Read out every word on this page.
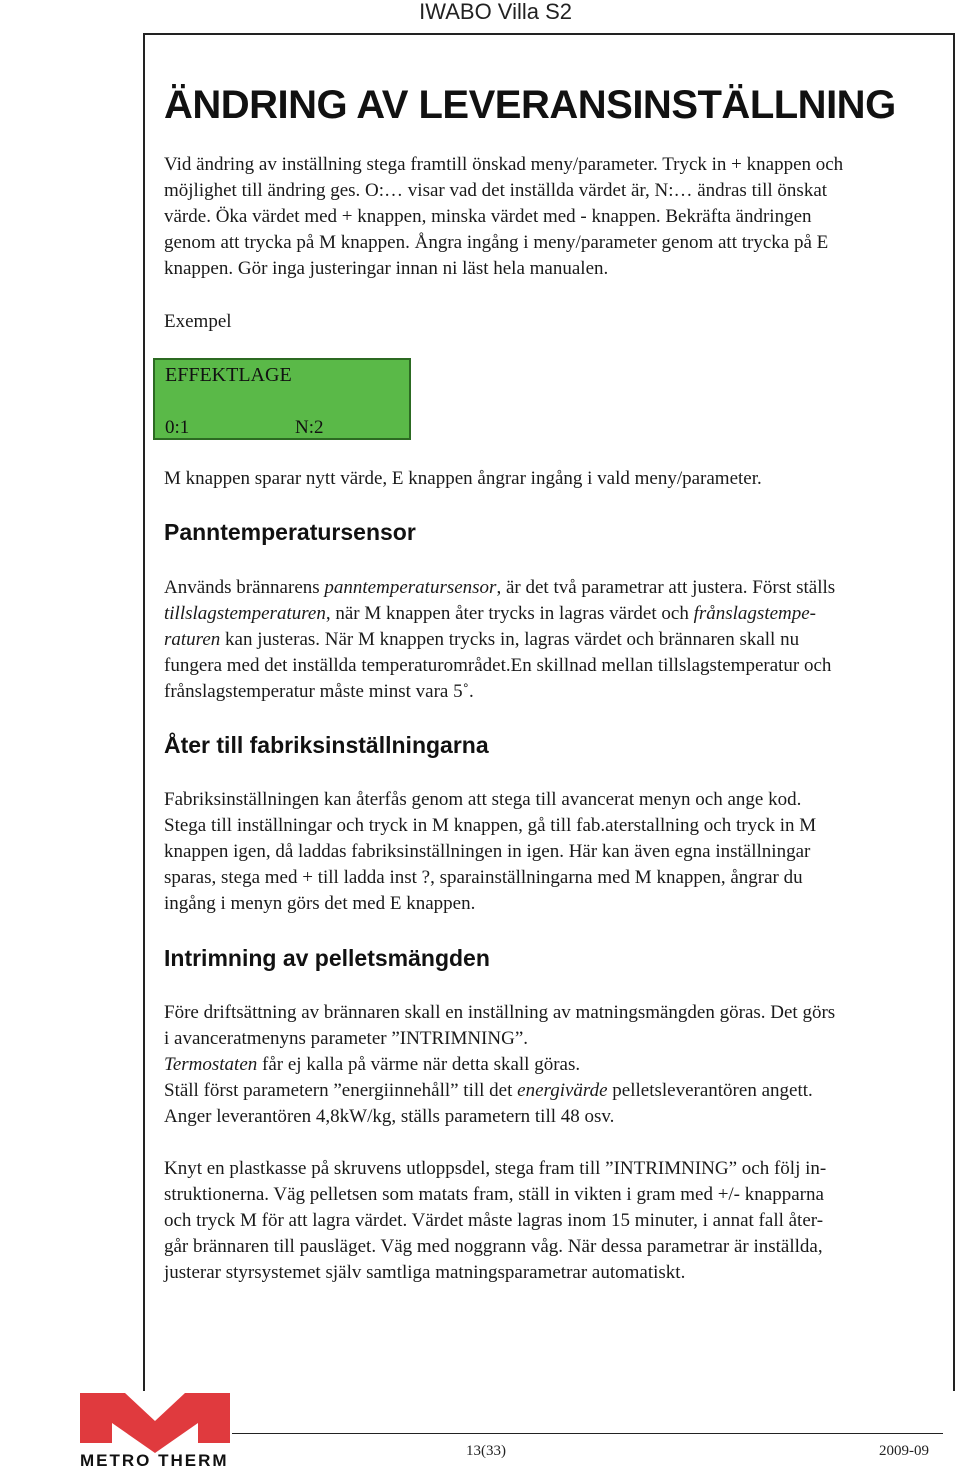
IWABO Villa S2
ÄNDRING AV LEVERANSINSTÄLLNING
Vid ändring av inställning stega framtill önskad meny/parameter. Tryck in + knappen och
möjlighet till ändring ges. O:… visar vad det inställda värdet är, N:… ändras till önskat
värde. Öka värdet med + knappen, minska värdet med - knappen. Bekräfta ändringen
genom att trycka på M knappen. Ångra ingång i meny/parameter genom att trycka på E
knappen. Gör inga justeringar innan ni läst hela manualen.
Exempel
EFFEKTLAGE
0:1	N:2
M knappen sparar nytt värde, E knappen ångrar ingång i vald meny/parameter.
Panntemperatursensor
Används brännarens panntemperatursensor, är det två parametrar att justera. Först ställs
tillslagstemperaturen, när M knappen åter trycks in lagras värdet och frånslagstempe-
raturen kan justeras. När M knappen trycks in, lagras värdet och brännaren skall nu
fungera med det inställda temperaturområdet.En skillnad mellan tillslagstemperatur och
frånslagstemperatur måste minst vara 5˚.
Åter till fabriksinställningarna
Fabriksinställningen kan återfås genom att stega till avancerat menyn och ange kod.
Stega till inställningar och tryck in M knappen, gå till fab.aterstallning och tryck in M
knappen igen, då laddas fabriksinställningen in igen. Här kan även egna inställningar
sparas, stega med + till ladda inst ?, sparainställningarna med M knappen, ångrar du
ingång i menyn görs det med E knappen.
Intrimning av pelletsmängden
Före driftsättning av brännaren skall en inställning av matningsmängden göras. Det görs
i avanceratmenyns parameter ”INTRIMNING”.
Termostaten får ej kalla på värme när detta skall göras.
Ställ först parametern ”energiinnehåll” till det energivärde pelletsleverantören angett.
Anger leverantören 4,8kW/kg, ställs parametern till 48 osv.
Knyt en plastkasse på skruvens utloppsdel, stega fram till ”INTRIMNING” och följ in-
struktionerna. Väg pelletsen som matats fram, ställ in vikten i gram med +/- knapparna
och tryck M för att lagra värdet. Värdet måste lagras inom 15 minuter, i annat fall åter-
går brännaren till pausläget. Väg med noggrann våg. När dessa parametrar är inställda,
justerar styrsystemet själv samtliga matningsparametrar automatiskt.
METRO THERM	13(33)	2009-09
